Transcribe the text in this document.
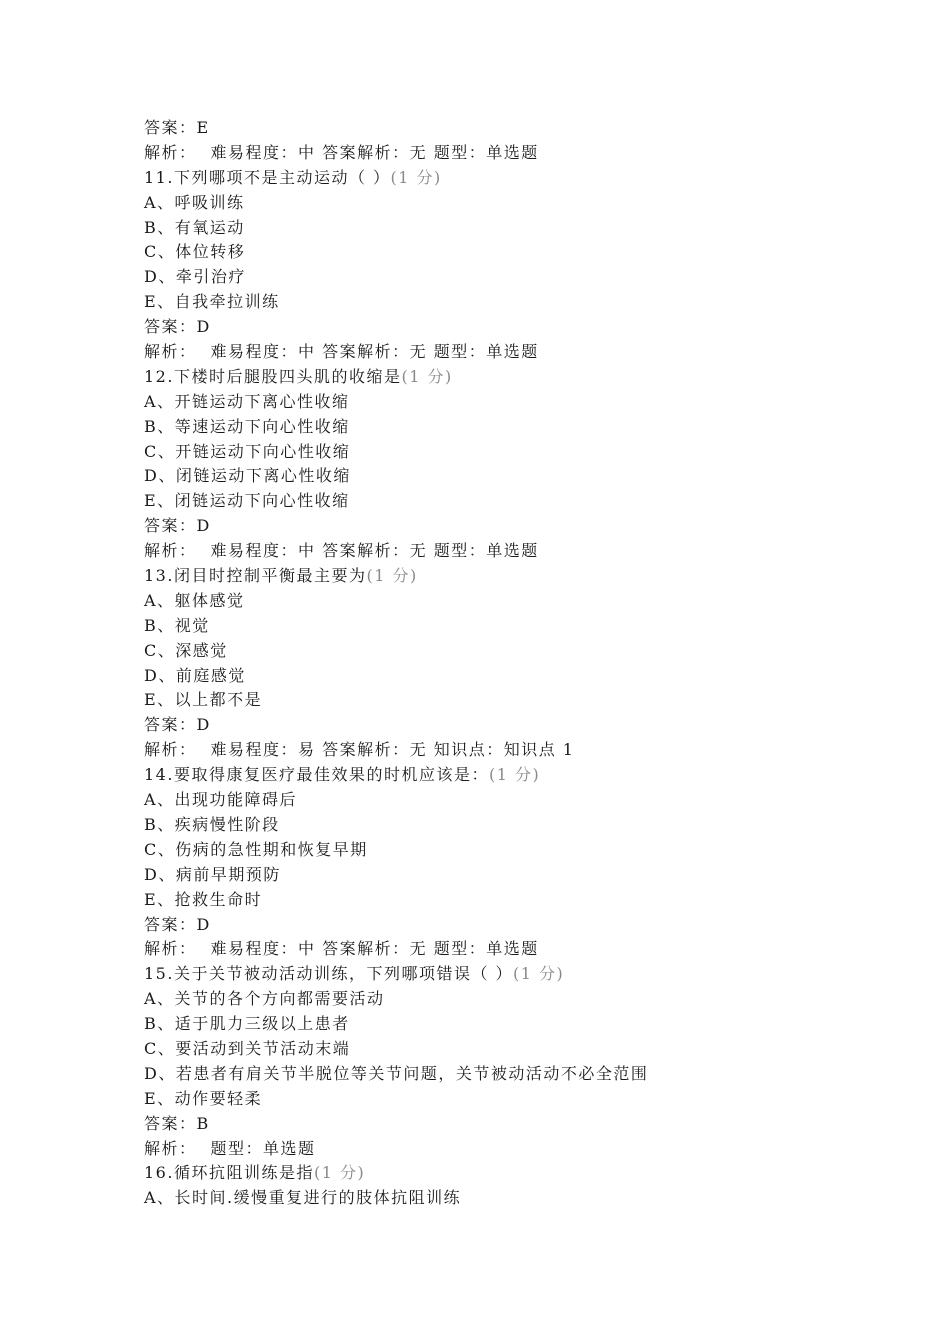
答案：E
解析： 难易程度：中 答案解析：无 题型：单选题
11.下列哪项不是主动运动（ ）(1 分)
A、呼吸训练
B、有氧运动
C、体位转移
D、牵引治疗
E、自我牵拉训练
答案：D
解析： 难易程度：中 答案解析：无 题型：单选题
12.下楼时后腿股四头肌的收缩是(1 分)
A、开链运动下离心性收缩
B、等速运动下向心性收缩
C、开链运动下向心性收缩
D、闭链运动下离心性收缩
E、闭链运动下向心性收缩
答案：D
解析： 难易程度：中 答案解析：无 题型：单选题
13.闭目时控制平衡最主要为(1 分)
A、躯体感觉
B、视觉
C、深感觉
D、前庭感觉
E、以上都不是
答案：D
解析： 难易程度：易 答案解析：无 知识点：知识点 1
14.要取得康复医疗最佳效果的时机应该是：(1 分)
A、出现功能障碍后
B、疾病慢性阶段
C、伤病的急性期和恢复早期
D、病前早期预防
E、抢救生命时
答案：D
解析： 难易程度：中 答案解析：无 题型：单选题
15.关于关节被动活动训练，下列哪项错误（ ）(1 分)
A、关节的各个方向都需要活动
B、适于肌力三级以上患者
C、要活动到关节活动末端
D、若患者有肩关节半脱位等关节问题，关节被动活动不必全范围
E、动作要轻柔
答案：B
解析： 题型：单选题
16.循环抗阻训练是指(1 分)
A、长时间.缓慢重复进行的肢体抗阻训练
